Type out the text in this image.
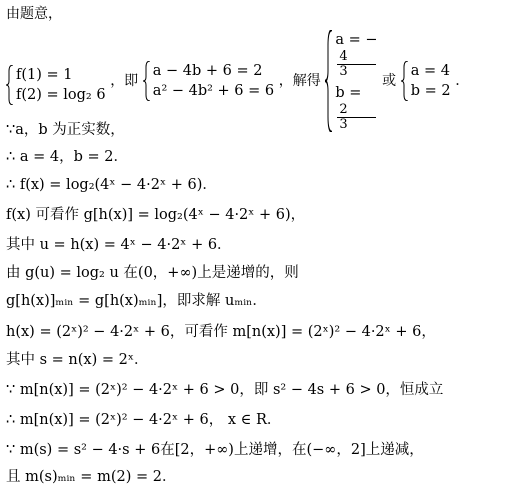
由题意，
f(1) = 1
f(2) = log₂ 6
，即
a − 4b + 6 = 2
a² − 4b² + 6 = 6
，解得
a = −
4
3
b =
2
3
或
a = 4
b = 2
．
∵a，b 为正实数，
∴ a = 4，b = 2．
∴ f(x) = log₂(4ˣ − 4·2ˣ + 6)．
f(x) 可看作 g[h(x)] = log₂(4ˣ − 4·2ˣ + 6)，
其中 u = h(x) = 4ˣ − 4·2ˣ + 6．
由 g(u) = log₂ u 在(0，+∞)上是递增的，则
g[h(x)]ₘᵢₙ = g[h(x)ₘᵢₙ]，即求解 uₘᵢₙ．
h(x) = (2ˣ)² − 4·2ˣ + 6，可看作 m[n(x)] = (2ˣ)² − 4·2ˣ + 6，
其中 s = n(x) = 2ˣ．
∵ m[n(x)] = (2ˣ)² − 4·2ˣ + 6 > 0，即 s² − 4s + 6 > 0，恒成立
∴ m[n(x)] = (2ˣ)² − 4·2ˣ + 6， x ∈ R．
∵ m(s) = s² − 4·s + 6在[2，+∞)上递增，在(−∞，2]上递减，
且 m(s)ₘᵢₙ = m(2) = 2．
